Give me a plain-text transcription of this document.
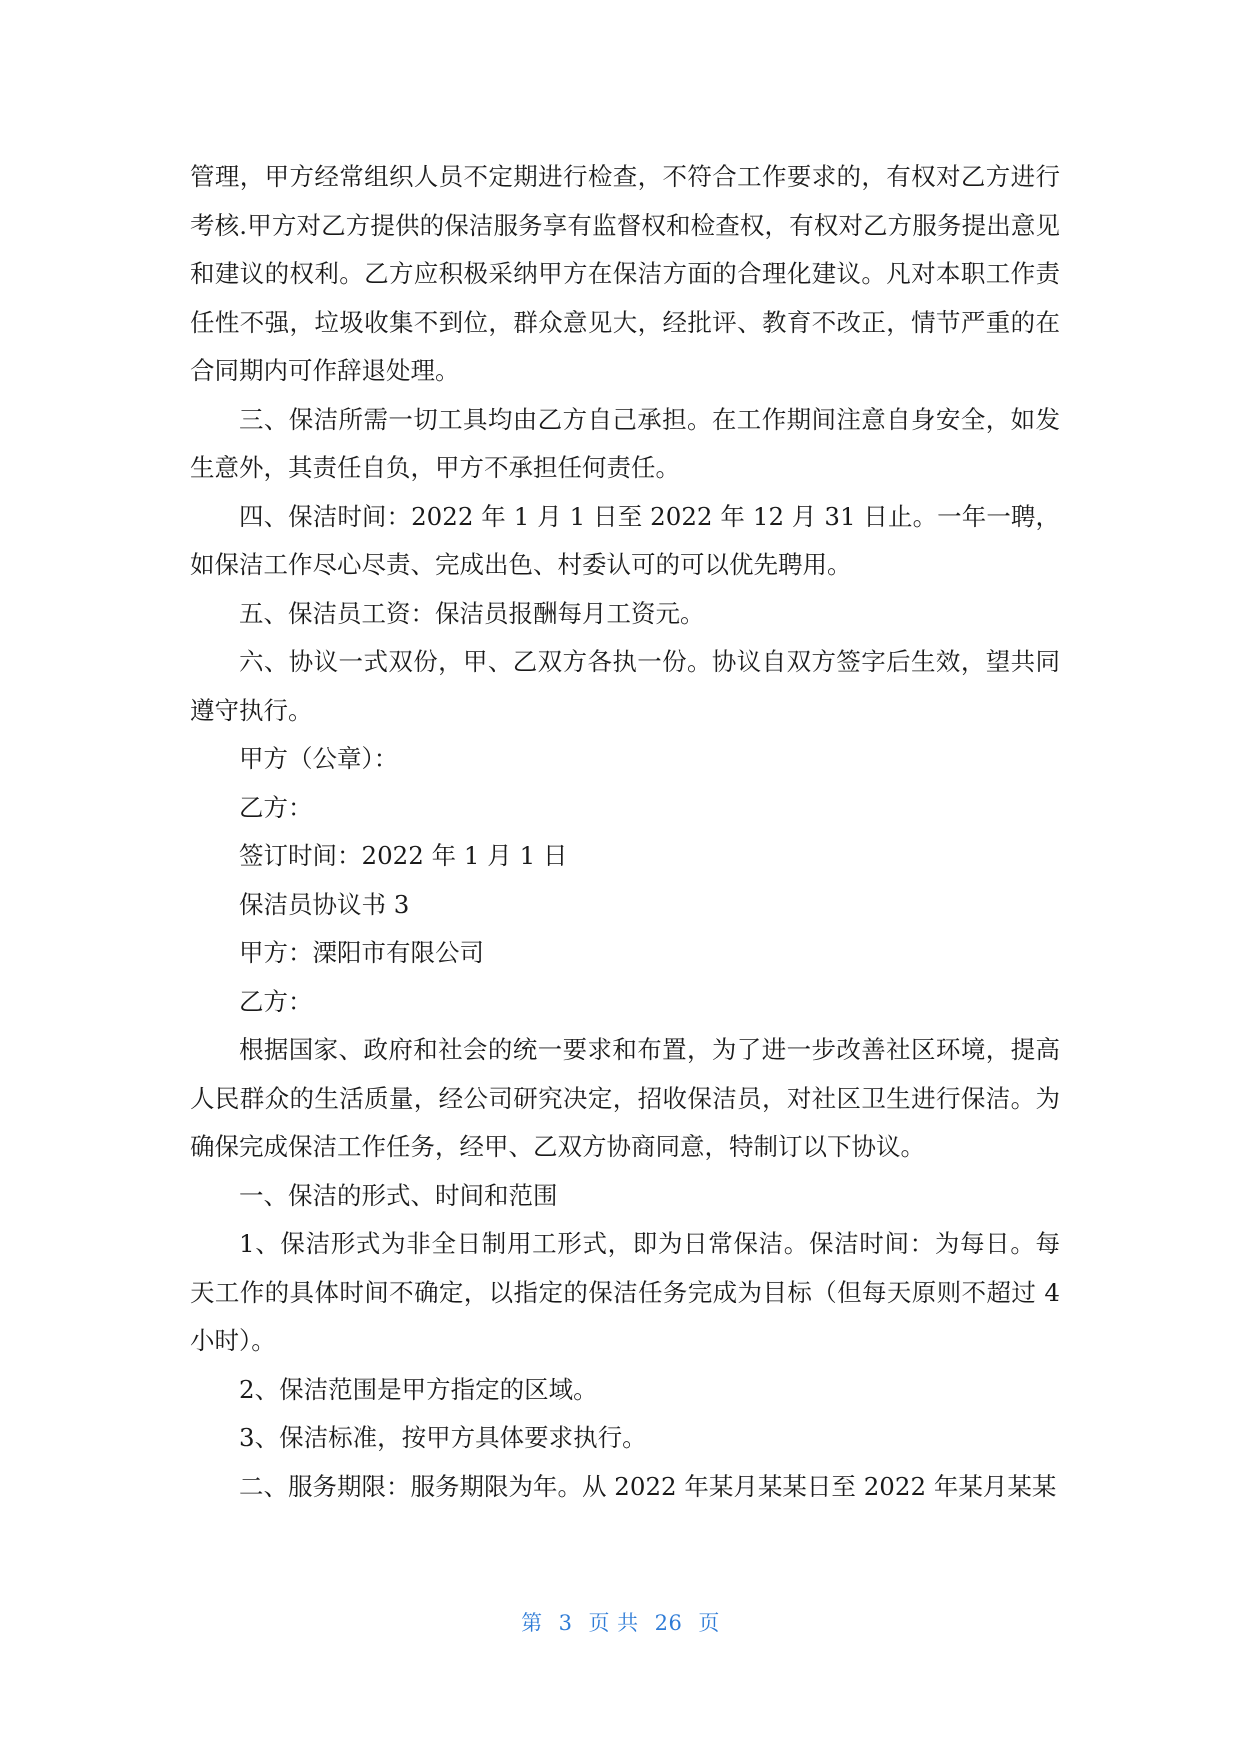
管理，甲方经常组织人员不定期进行检查，不符合工作要求的，有权对乙方进行考核.甲方对乙方提供的保洁服务享有监督权和检查权，有权对乙方服务提出意见和建议的权利。乙方应积极采纳甲方在保洁方面的合理化建议。凡对本职工作责任性不强，垃圾收集不到位，群众意见大，经批评、教育不改正，情节严重的在合同期内可作辞退处理。

三、保洁所需一切工具均由乙方自己承担。在工作期间注意自身安全，如发生意外，其责任自负，甲方不承担任何责任。

四、保洁时间：2022 年 1 月 1 日至 2022 年 12 月 31 日止。一年一聘，如保洁工作尽心尽责、完成出色、村委认可的可以优先聘用。

五、保洁员工资：保洁员报酬每月工资元。

六、协议一式双份，甲、乙双方各执一份。协议自双方签字后生效，望共同遵守执行。

甲方（公章）：

乙方：

签订时间：2022 年 1 月 1 日

保洁员协议书 3

甲方：溧阳市有限公司

乙方：

根据国家、政府和社会的统一要求和布置，为了进一步改善社区环境，提高人民群众的生活质量，经公司研究决定，招收保洁员，对社区卫生进行保洁。为确保完成保洁工作任务，经甲、乙双方协商同意，特制订以下协议。

一、保洁的形式、时间和范围

1、保洁形式为非全日制用工形式，即为日常保洁。保洁时间：为每日。每天工作的具体时间不确定，以指定的保洁任务完成为目标（但每天原则不超过 4 小时）。

2、保洁范围是甲方指定的区域。

3、保洁标准，按甲方具体要求执行。

二、服务期限：服务期限为年。从 2022 年某月某某日至 2022 年某月某某

第 3 页 共 26 页
